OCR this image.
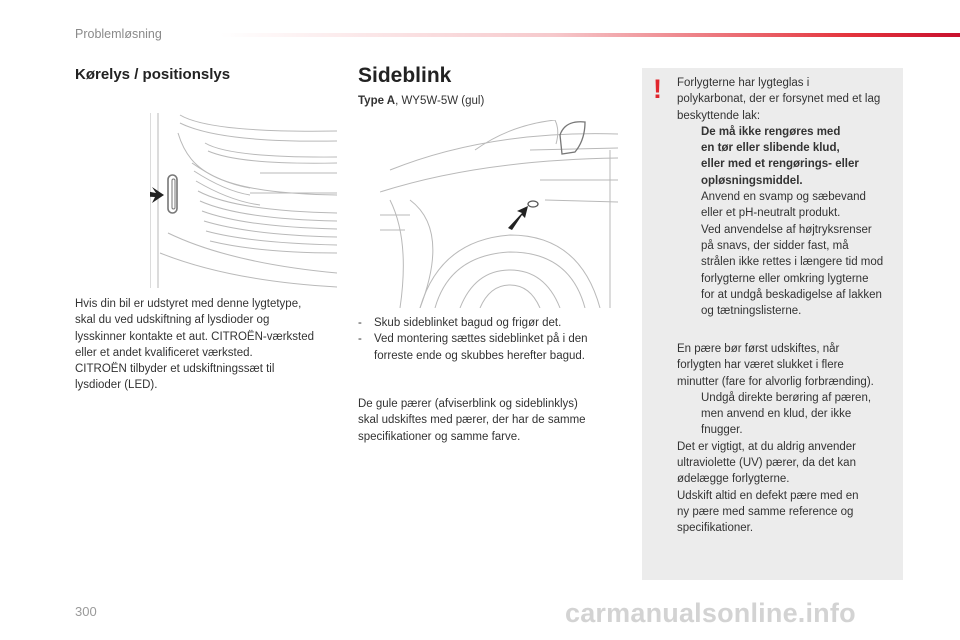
Problemløsning
Kørelys / positionslys
Hvis din bil er udstyret med denne lygtetype,
skal du ved udskiftning af lysdioder og
lysskinner kontakte et aut. CITROËN-værksted
eller et andet kvalificeret værksted.
CITROËN tilbyder et udskiftningssæt til
lysdioder (LED).
Sideblink
Type A, WY5W-5W (gul)
-	Skub sideblinket bagud og frigør det.
-	Ved montering sættes sideblinket på i den
forreste ende og skubbes herefter bagud.
De gule pærer (afviserblink og sideblinklys)
skal udskiftes med pærer, der har de samme
specifikationer og samme farve.
! Forlygterne har lygteglas i
polykarbonat, der er forsynet med et lag
beskyttende lak:
De må ikke rengøres med
en tør eller slibende klud,
eller med et rengørings- eller
opløsningsmiddel.
Anvend en svamp og sæbevand
eller et pH-neutralt produkt.
Ved anvendelse af højtryksrenser
på snavs, der sidder fast, må
strålen ikke rettes i længere tid mod
forlygterne eller omkring lygterne
for at undgå beskadigelse af lakken
og tætningslisterne.
En pære bør først udskiftes, når
forlygten har været slukket i flere
minutter (fare for alvorlig forbrænding).
Undgå direkte berøring af pæren,
men anvend en klud, der ikke
fnugger.
Det er vigtigt, at du aldrig anvender
ultraviolette (UV) pærer, da det kan
ødelægge forlygterne.
Udskift altid en defekt pære med en
ny pære med samme reference og
specifikationer.
300	carmanualsonline.info
